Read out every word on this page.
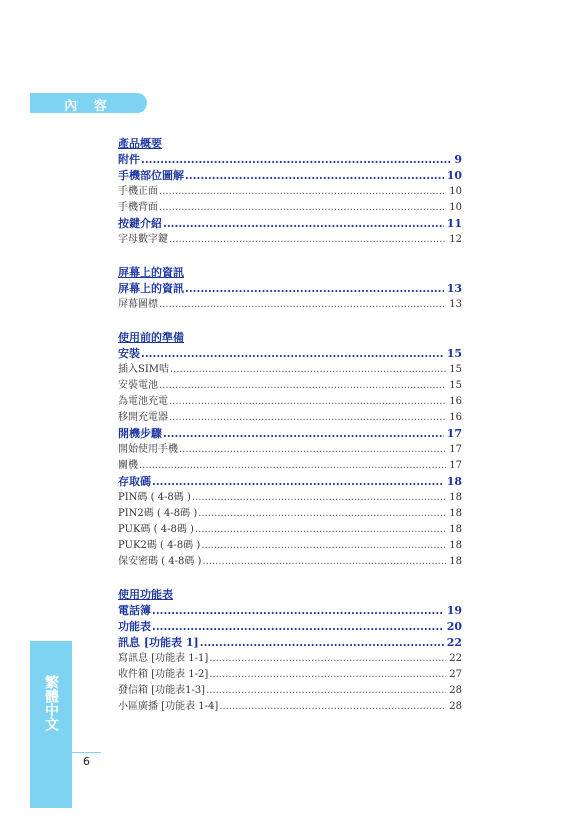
內 容
繁體中文
6
產品概要
附件 .....	9
手機部位圖解 .....	10
手機正面 .....	10
手機背面 .....	10
按鍵介紹 .....	11
字母數字鍵 .....	12
屏幕上的資訊
屏幕上的資訊 .....	13
屏幕圖標 .....	13
使用前的準備
安裝 .....	15
插入SIM咭 .....	15
安裝電池 .....	15
為電池充電 .....	16
移開充電器 .....	16
開機步驟 .....	17
開始使用手機 .....	17
關機 .....	17
存取碼 .....	18
PIN碼 ( 4-8碼 ) .....	18
PIN2碼 ( 4-8碼 ) .....	18
PUK碼 ( 4-8碼 ) .....	18
PUK2碼 ( 4-8碼 ) .....	18
保安密碼 ( 4-8碼 ) .....	18
使用功能表
電話簿 .....	19
功能表 .....	20
訊息 [功能表 1] .....	22
寫訊息 [功能表 1-1] .....	22
收件箱 [功能表 1-2] .....	27
發信箱 [功能表1-3] .....	28
小區廣播 [功能表 1-4] .....	28
